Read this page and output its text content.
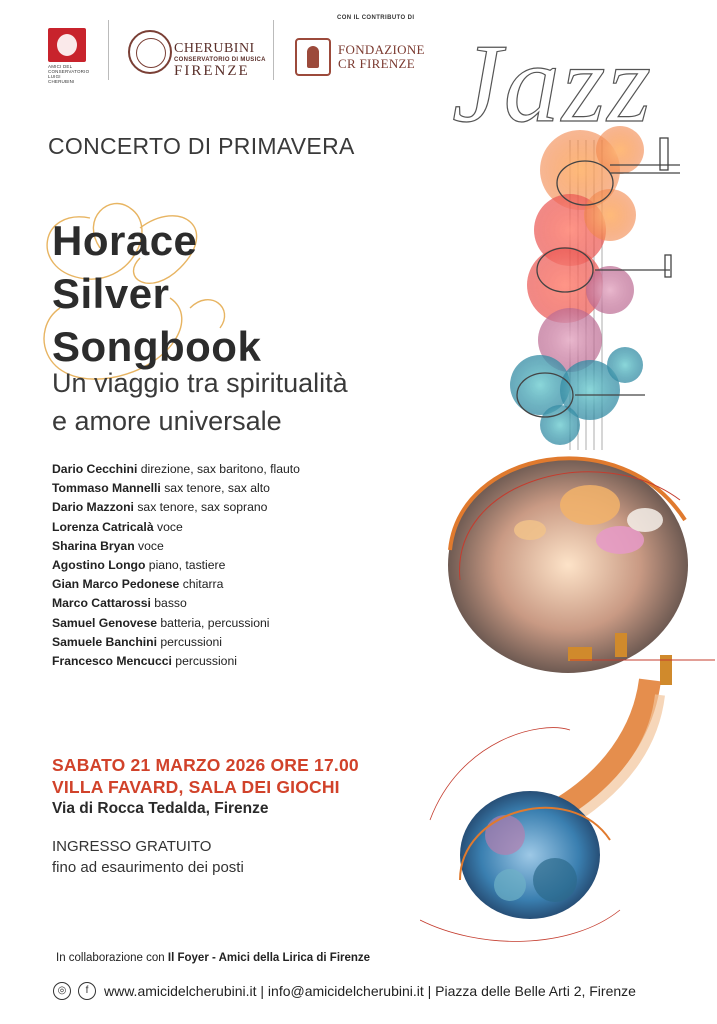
AMICI DEL CONSERVATORIO LUIGI CHERUBINI
CHERUBINI
CONSERVATORIO DI MUSICA
FIRENZE
CON IL CONTRIBUTO DI
FONDAZIONE
CR FIRENZE Jazz
CONCERTO DI PRIMAVERA
Horace
Silver
Songbook
Un viaggio tra spiritualità
e amore universale
Dario Cecchini direzione, sax baritono, flauto
Tommaso Mannelli sax tenore, sax alto
Dario Mazzoni sax tenore, sax soprano
Lorenza Catricalà voce
Sharina Bryan voce
Agostino Longo piano, tastiere
Gian Marco Pedonese chitarra
Marco Cattarossi basso
Samuel Genovese batteria, percussioni
Samuele Banchini percussioni
Francesco Mencucci percussioni
SABATO 21 MARZO 2026 ORE 17.00
VILLA FAVARD, SALA DEI GIOCHI
Via di Rocca Tedalda, Firenze
INGRESSO GRATUITO
fino ad esaurimento dei posti
In collaborazione con Il Foyer - Amici della Lirica di Firenze
◎	f	www.amicidelcherubini.it | info@amicidelcherubini.it | Piazza delle Belle Arti 2, Firenze
